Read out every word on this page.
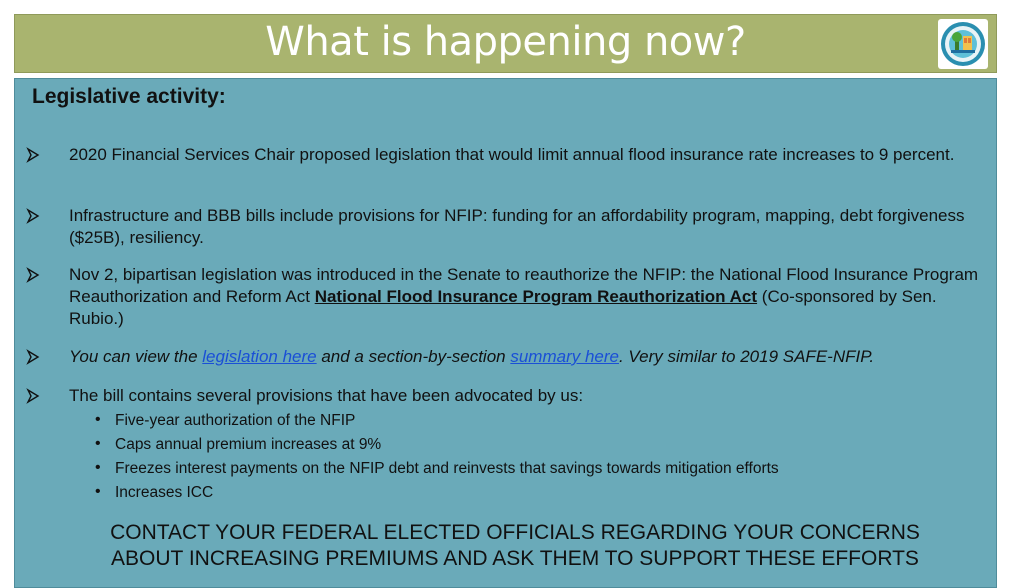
What is happening now?
Legislative activity:
2020 Financial Services Chair proposed legislation that would limit annual flood insurance rate increases to 9 percent.
Infrastructure and BBB bills include provisions for NFIP: funding for an affordability program, mapping, debt forgiveness ($25B), resiliency.
Nov 2, bipartisan legislation was introduced in the Senate to reauthorize the NFIP: the National Flood Insurance Program Reauthorization and Reform Act National Flood Insurance Program Reauthorization Act (Co-sponsored by Sen. Rubio.)
You can view the legislation here and a section-by-section summary here. Very similar to 2019 SAFE-NFIP.
The bill contains several provisions that have been advocated by us:
• Five-year authorization of the NFIP
• Caps annual premium increases at 9%
• Freezes interest payments on the NFIP debt and reinvests that savings towards mitigation efforts
• Increases ICC
CONTACT YOUR FEDERAL ELECTED OFFICIALS REGARDING YOUR CONCERNS
ABOUT INCREASING PREMIUMS AND ASK THEM TO SUPPORT THESE EFFORTS
